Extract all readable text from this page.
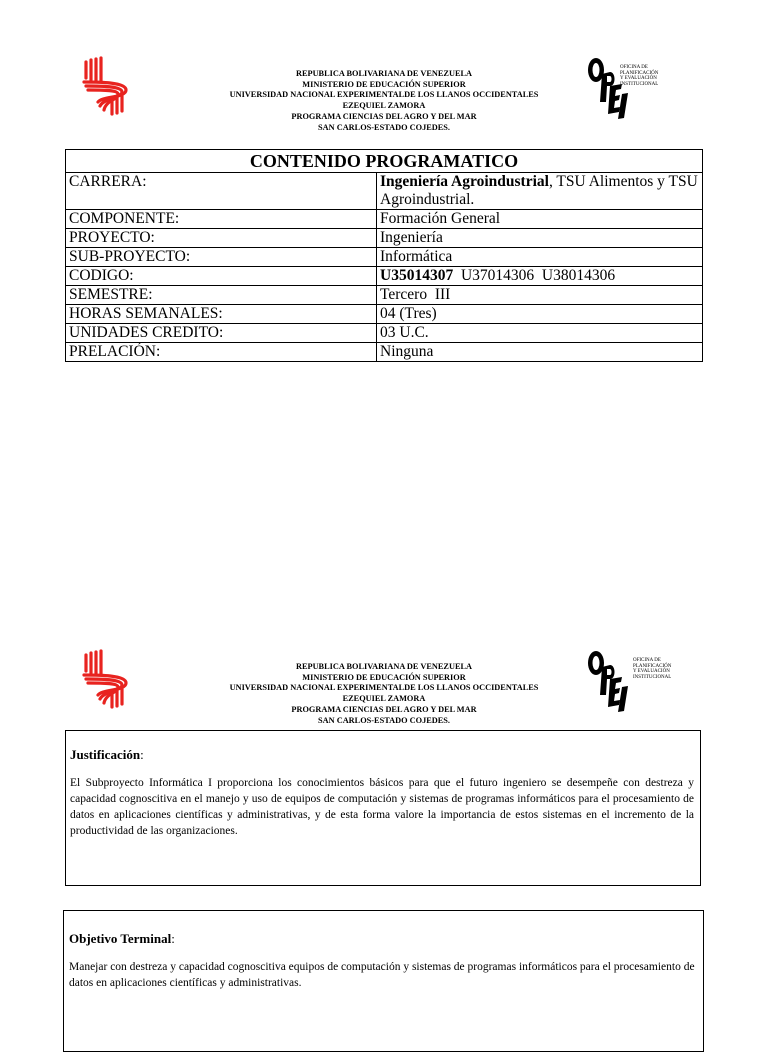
REPUBLICA BOLIVARIANA DE VENEZUELA
MINISTERIO DE EDUCACIÓN SUPERIOR
UNIVERSIDAD NACIONAL EXPERIMENTALDE LOS LLANOS OCCIDENTALES
EZEQUIEL ZAMORA
PROGRAMA CIENCIAS DEL AGRO Y DEL MAR
SAN CARLOS-ESTADO COJEDES.
OFICINA DE
PLANIFICACIÓN
Y EVALUACIÓN
INSTITUCIONAL
CONTENIDO PROGRAMATICO	
CARRERA:	Ingeniería Agroindustrial, TSU Alimentos y TSU Agroindustrial.
COMPONENTE:	Formación General
PROYECTO:	Ingeniería
SUB-PROYECTO:	Informática
CODIGO:	U35014307  U37014306  U38014306
SEMESTRE:	Tercero  III
HORAS SEMANALES:	04 (Tres)
UNIDADES CREDITO:	03 U.C.
PRELACIÓN:	Ninguna
REPUBLICA BOLIVARIANA DE VENEZUELA
MINISTERIO DE EDUCACIÓN SUPERIOR
UNIVERSIDAD NACIONAL EXPERIMENTALDE LOS LLANOS OCCIDENTALES
EZEQUIEL ZAMORA
PROGRAMA CIENCIAS DEL AGRO Y DEL MAR
SAN CARLOS-ESTADO COJEDES.
OFICINA DE
PLANIFICACIÓN
Y EVALUACIÓN
INSTITUCIONAL
Justificación:

El Subproyecto Informática I proporciona los conocimientos básicos para que el futuro ingeniero se desempeñe con destreza y capacidad cognoscitiva en el manejo y uso de equipos de computación y sistemas de programas informáticos para el procesamiento de datos en aplicaciones científicas y administrativas, y de esta forma valore la importancia de estos sistemas en el incremento de la productividad de las organizaciones.

Objetivo Terminal:

Manejar con destreza y capacidad cognoscitiva equipos de computación y sistemas de programas informáticos para el procesamiento de datos en aplicaciones científicas y administrativas.
